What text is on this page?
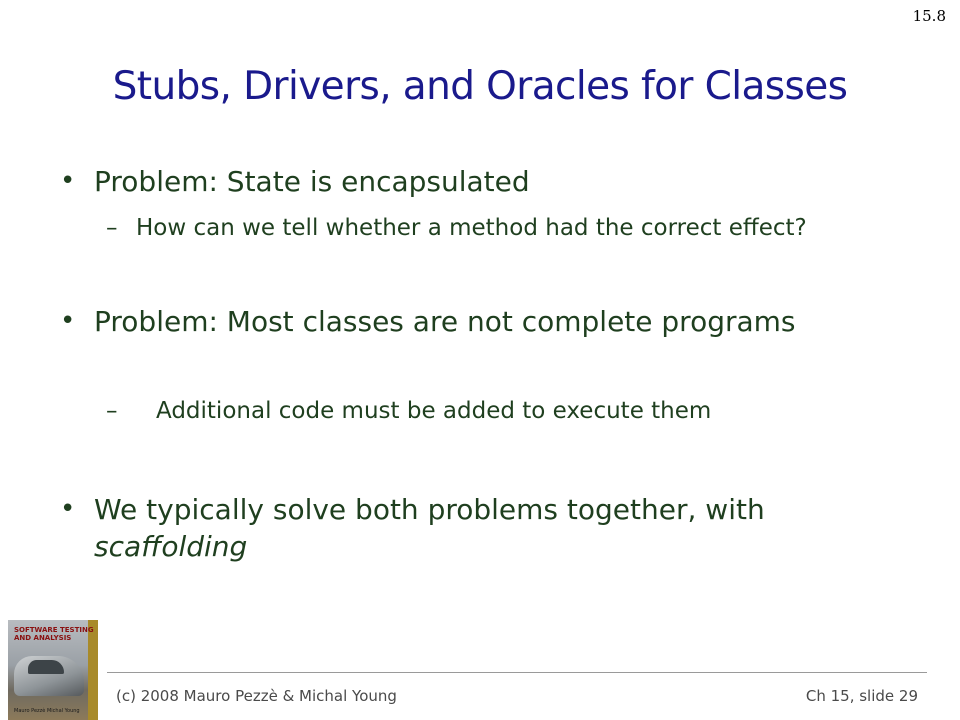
15.8
Stubs, Drivers, and Oracles for Classes
• Problem: State is encapsulated
– How can we tell whether a method had the correct effect?
• Problem: Most classes are not complete programs
– Additional code must be added to execute them
• We typically solve both problems together, with scaffolding
SOFTWARE TESTING AND ANALYSIS
Mauro Pezzè Michal Young
(c) 2008 Mauro Pezzè & Michal Young	Ch 15, slide 29
